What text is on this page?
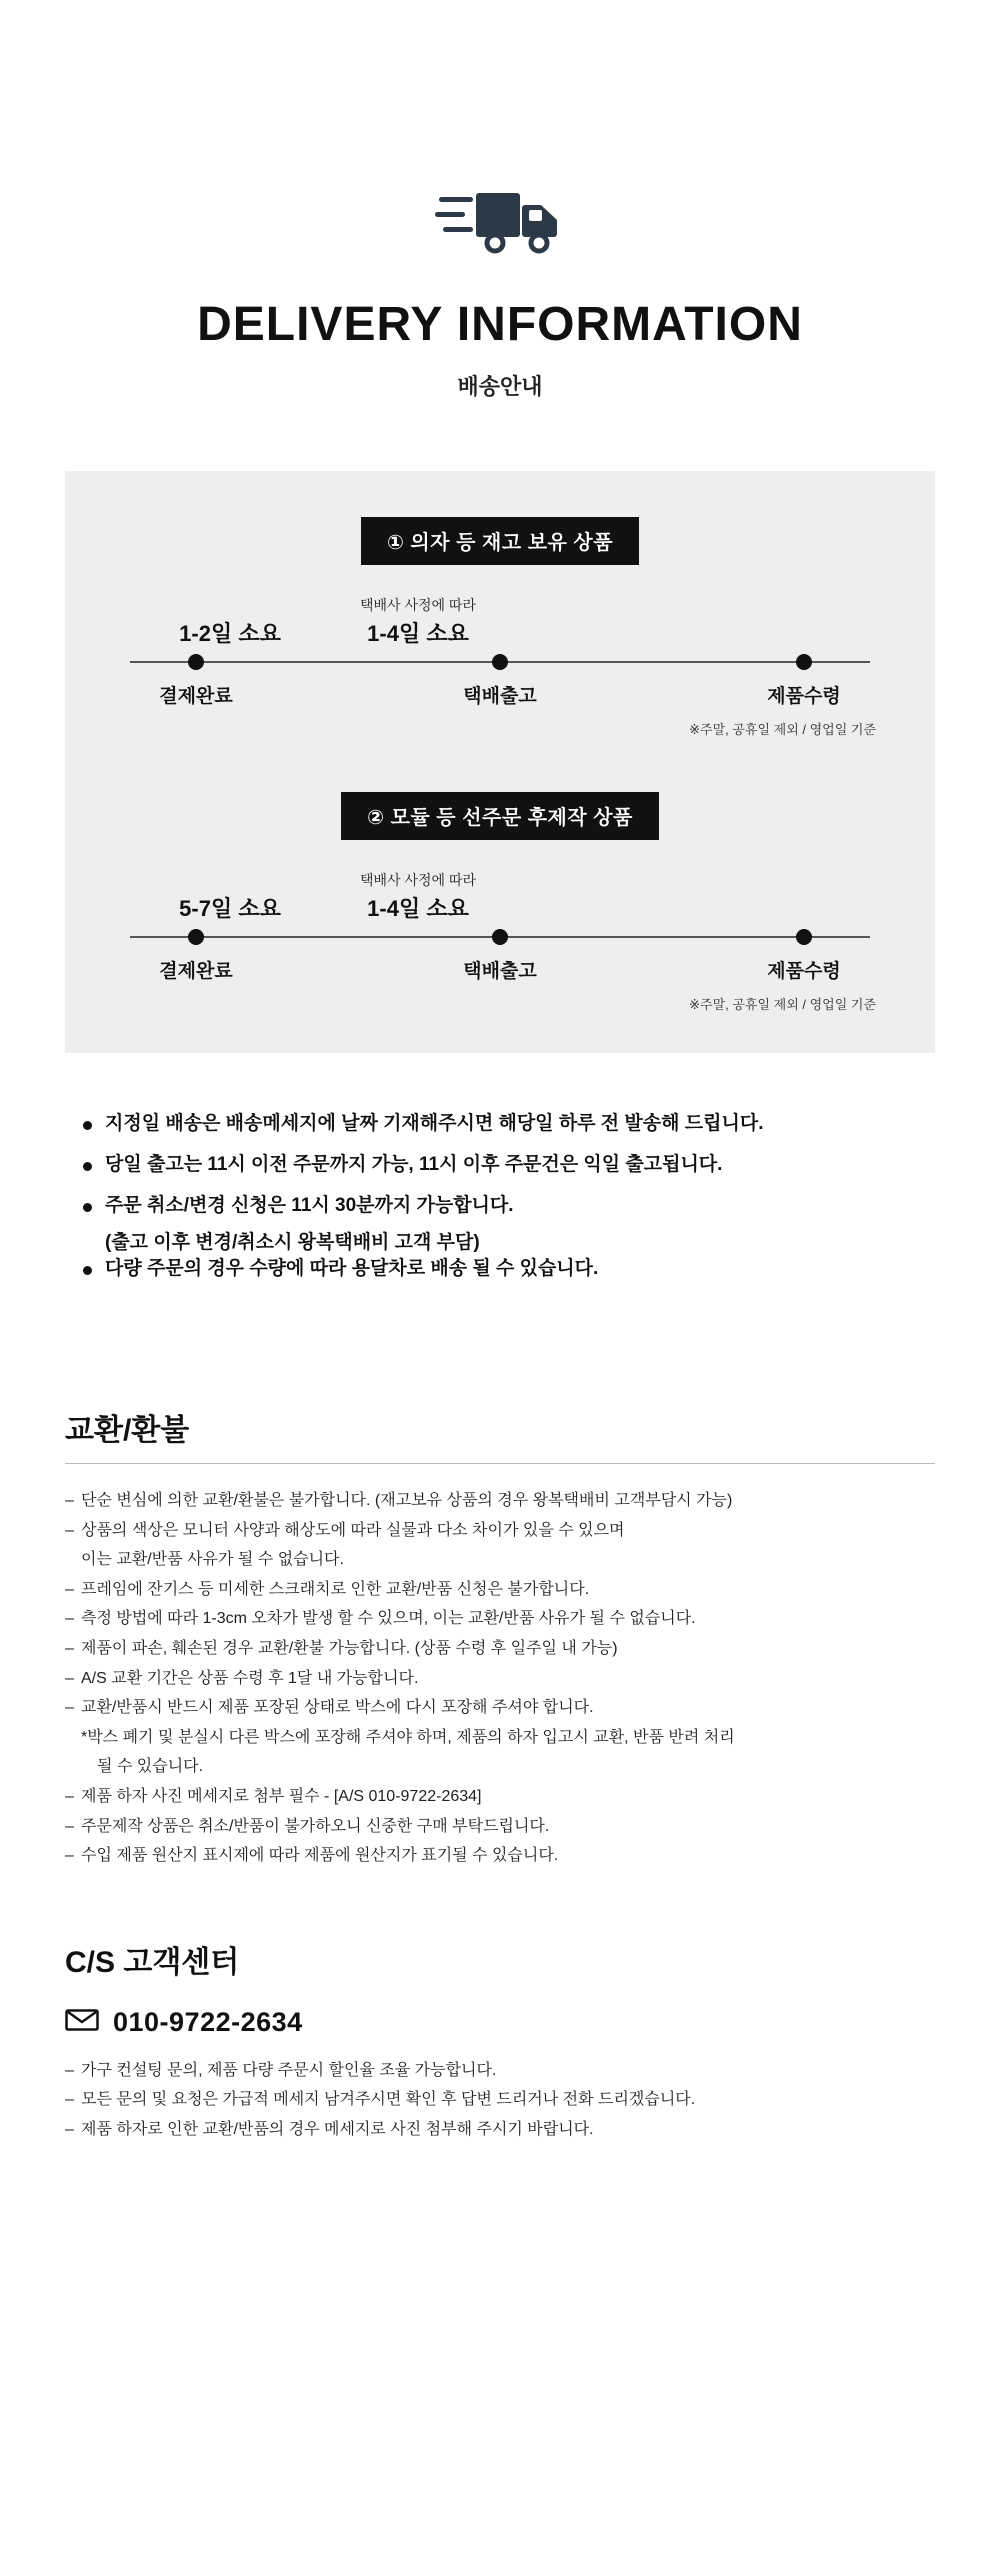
DELIVERY INFORMATION
배송안내
① 의자 등 재고 보유 상품
택배사 사정에 따라
1-2일 소요	1-4일 소요
결제완료	택배출고	제품수령
※주말, 공휴일 제외 / 영업일 기준
② 모듈 등 선주문 후제작 상품
택배사 사정에 따라
5-7일 소요	1-4일 소요
결제완료	택배출고	제품수령
※주말, 공휴일 제외 / 영업일 기준
지정일 배송은 배송메세지에 날짜 기재해주시면 해당일 하루 전 발송해 드립니다.
당일 출고는 11시 이전 주문까지 가능, 11시 이후 주문건은 익일 출고됩니다.
주문 취소/변경 신청은 11시 30분까지 가능합니다.
(출고 이후 변경/취소시 왕복택배비 고객 부담)
다량 주문의 경우 수량에 따라 용달차로 배송 될 수 있습니다.
교환/환불
– 단순 변심에 의한 교환/환불은 불가합니다. (재고보유 상품의 경우 왕복택배비 고객부담시 가능)
– 상품의 색상은 모니터 사양과 해상도에 따라 실물과 다소 차이가 있을 수 있으며
이는 교환/반품 사유가 될 수 없습니다.
– 프레임에 잔기스 등 미세한 스크래치로 인한 교환/반품 신청은 불가합니다.
– 측정 방법에 따라 1-3cm 오차가 발생 할 수 있으며, 이는 교환/반품 사유가 될 수 없습니다.
– 제품이 파손, 훼손된 경우 교환/환불 가능합니다. (상품 수령 후 일주일 내 가능)
– A/S 교환 기간은 상품 수령 후 1달 내 가능합니다.
– 교환/반품시 반드시 제품 포장된 상태로 박스에 다시 포장해 주셔야 합니다.
*박스 폐기 및 분실시 다른 박스에 포장해 주셔야 하며, 제품의 하자 입고시 교환, 반품 반려 처리
될 수 있습니다.
– 제품 하자 사진 메세지로 첨부 필수 - [A/S 010-9722-2634]
– 주문제작 상품은 취소/반품이 불가하오니 신중한 구매 부탁드립니다.
– 수입 제품 원산지 표시제에 따라 제품에 원산지가 표기될 수 있습니다.
C/S 고객센터
010-9722-2634
– 가구 컨설팅 문의, 제품 다량 주문시 할인율 조율 가능합니다.
– 모든 문의 및 요청은 가급적 메세지 남겨주시면 확인 후 답변 드리거나 전화 드리겠습니다.
– 제품 하자로 인한 교환/반품의 경우 메세지로 사진 첨부해 주시기 바랍니다.
